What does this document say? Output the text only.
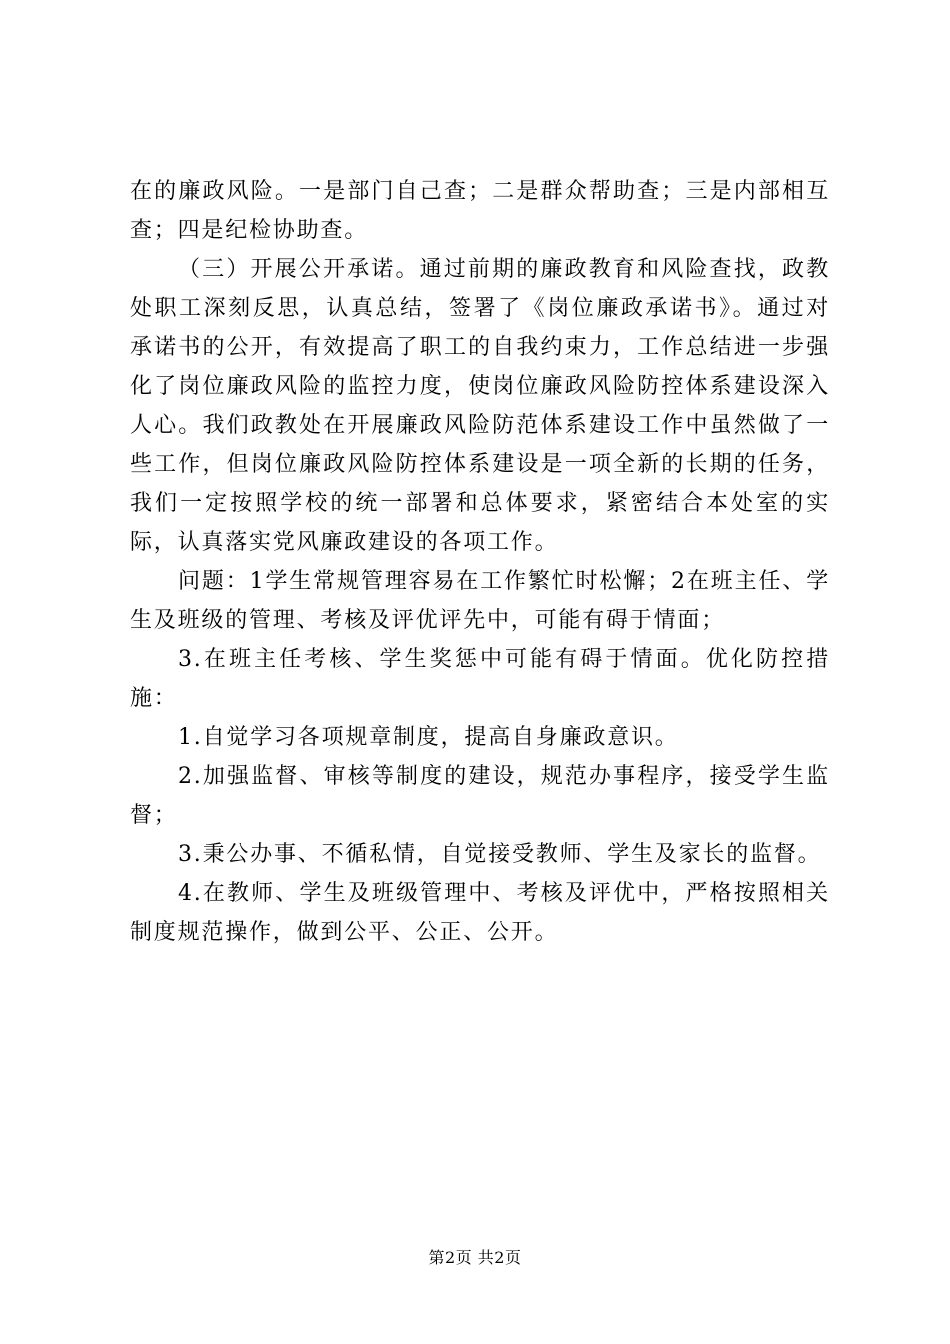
在的廉政风险。一是部门自己查；二是群众帮助查；三是内部相互查；四是纪检协助查。

（三）开展公开承诺。通过前期的廉政教育和风险查找，政教处职工深刻反思，认真总结，签署了《岗位廉政承诺书》。通过对承诺书的公开，有效提高了职工的自我约束力，工作总结进一步强化了岗位廉政风险的监控力度，使岗位廉政风险防控体系建设深入人心。我们政教处在开展廉政风险防范体系建设工作中虽然做了一些工作，但岗位廉政风险防控体系建设是一项全新的长期的任务，我们一定按照学校的统一部署和总体要求，紧密结合本处室的实际，认真落实党风廉政建设的各项工作。

问题：1学生常规管理容易在工作繁忙时松懈；2在班主任、学生及班级的管理、考核及评优评先中，可能有碍于情面；

3.在班主任考核、学生奖惩中可能有碍于情面。优化防控措施：

1.自觉学习各项规章制度，提高自身廉政意识。

2.加强监督、审核等制度的建设，规范办事程序，接受学生监督；

3.秉公办事、不循私情，自觉接受教师、学生及家长的监督。

4.在教师、学生及班级管理中、考核及评优中，严格按照相关制度规范操作，做到公平、公正、公开。

第2页 共2页
